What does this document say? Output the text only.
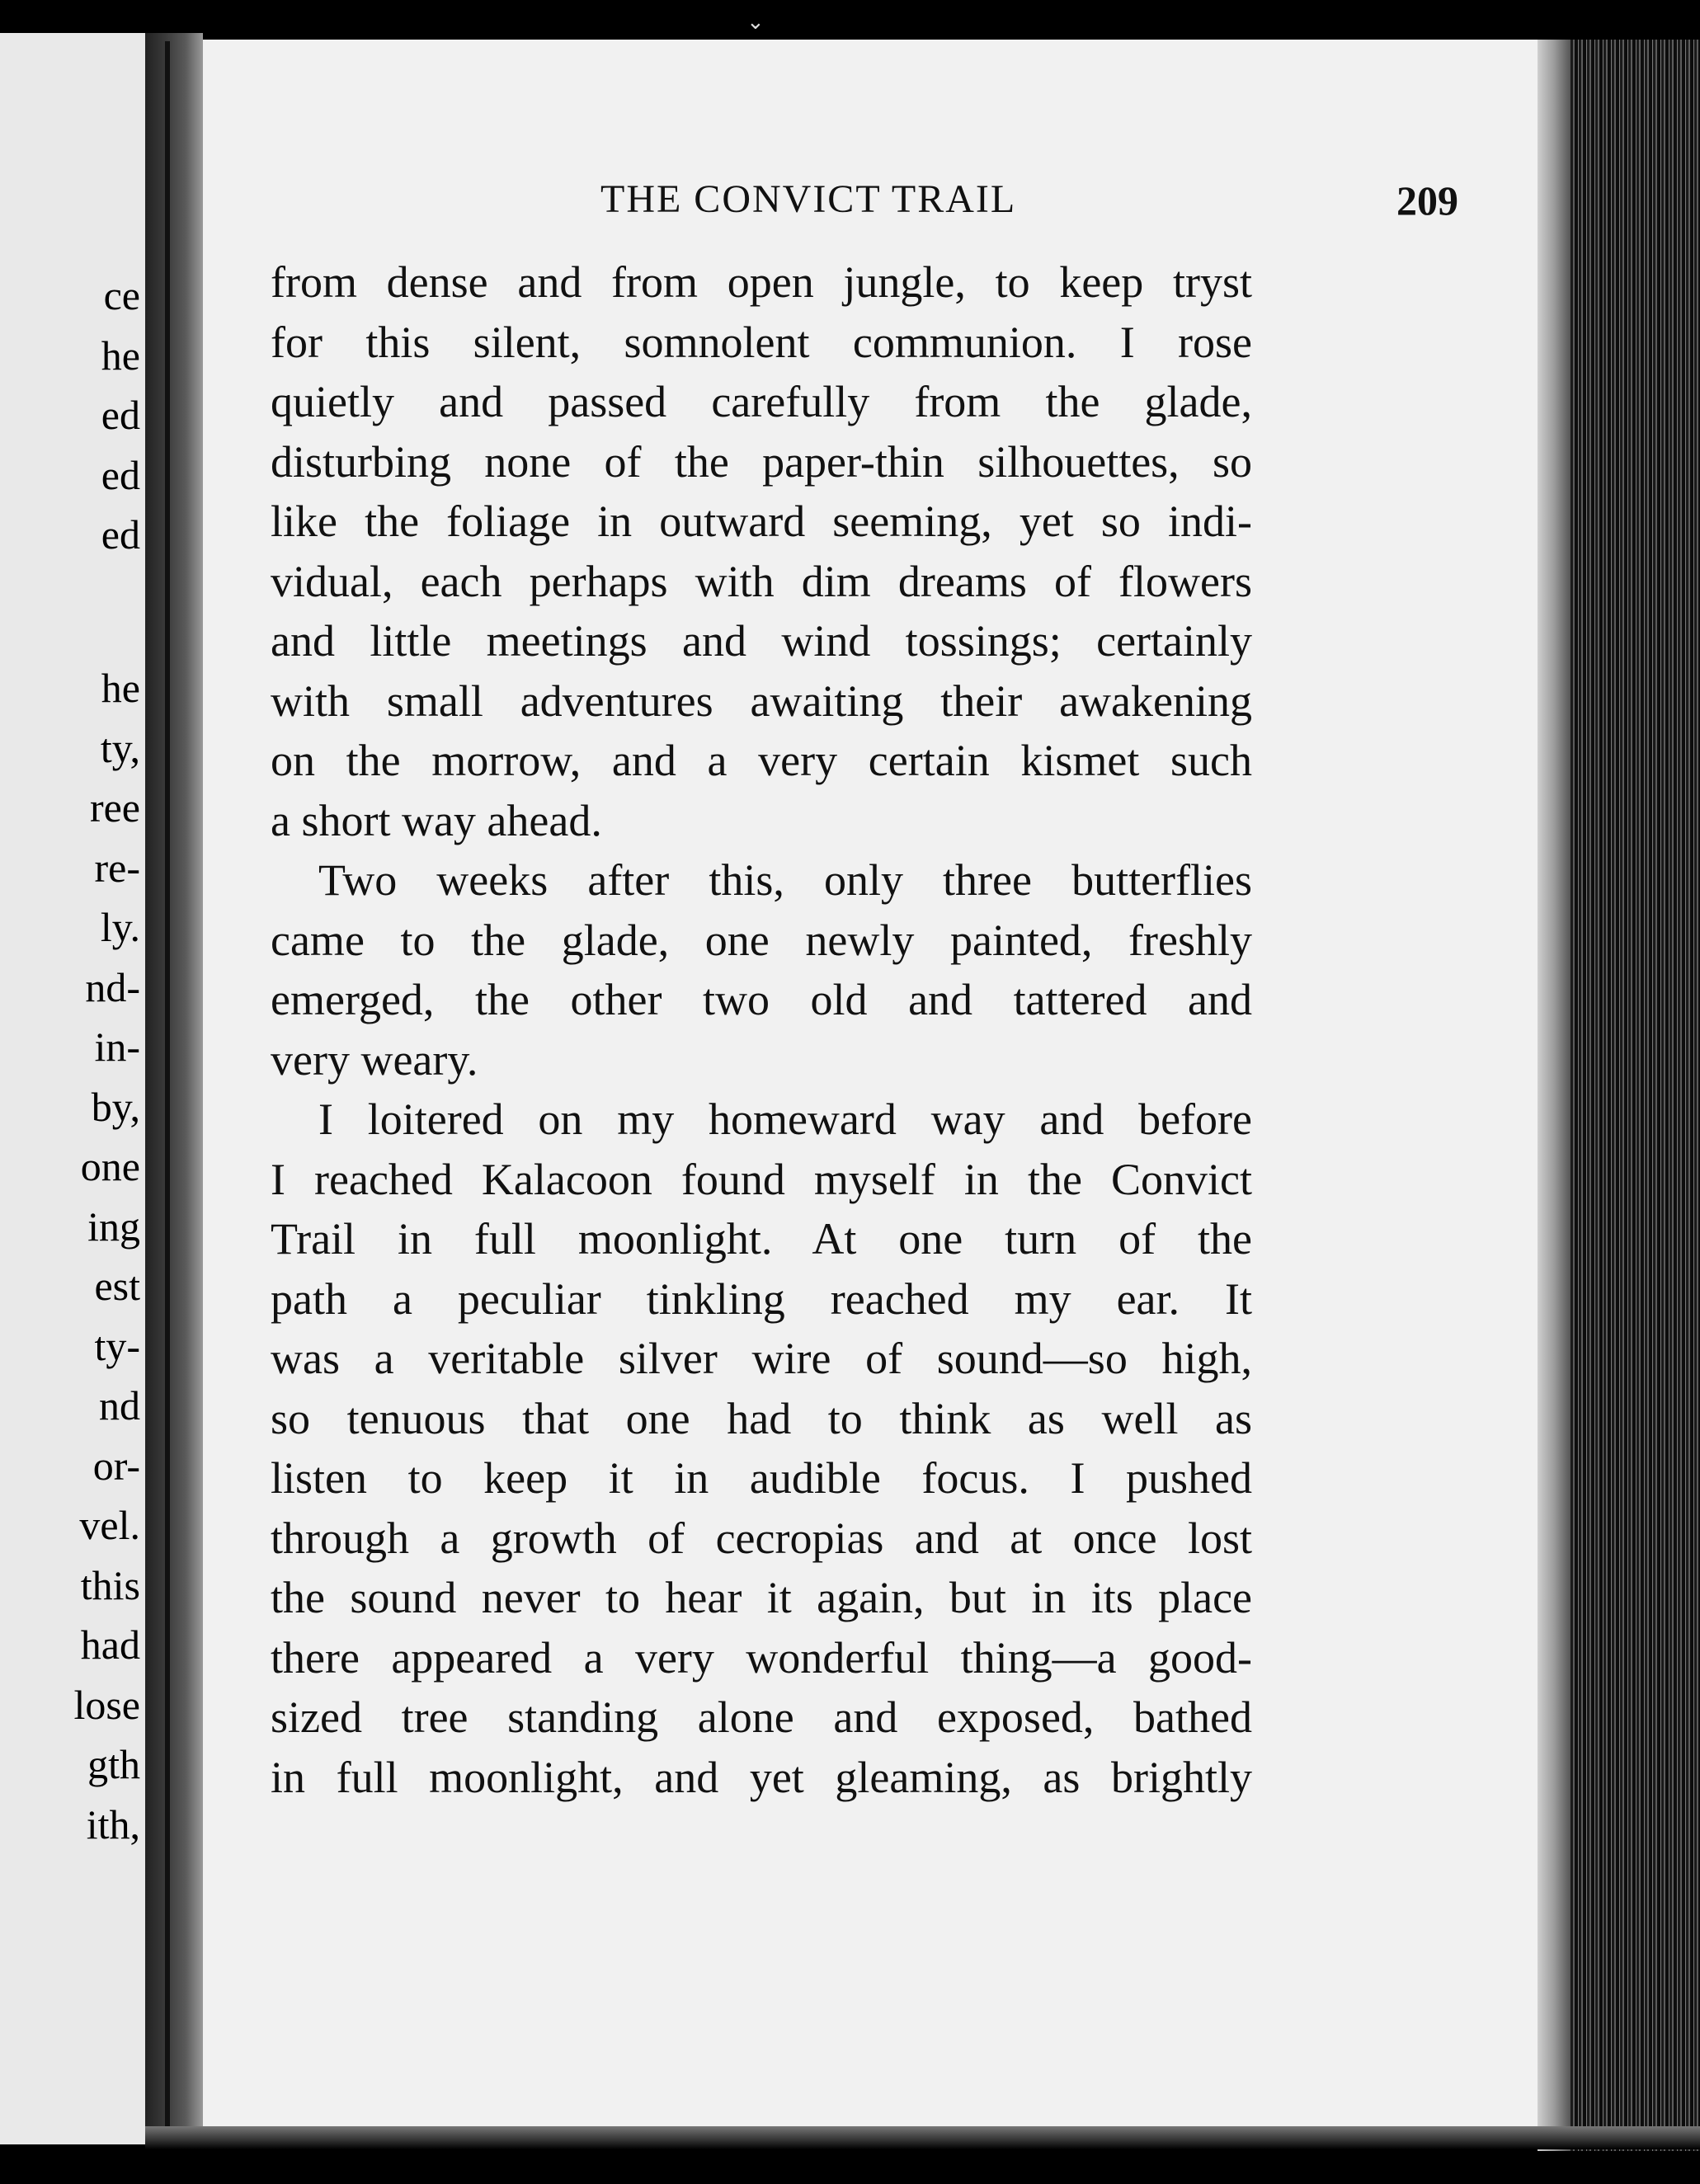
⌄
ce
he
ed
ed
ed
he
ty,
ree
re-
ly.
nd-
in-
by,
one
ing
est
ty-
nd
or-
vel.
this
had
lose
gth
ith,
THE CONVICT TRAIL	209
from dense and from open jungle, to keep tryst
for this silent, somnolent communion. I rose
quietly and passed carefully from the glade,
disturbing none of the paper-thin silhouettes, so
like the foliage in outward seeming, yet so indi-
vidual, each perhaps with dim dreams of flowers
and little meetings and wind tossings; certainly
with small adventures awaiting their awakening
on the morrow, and a very certain kismet such
a short way ahead.
Two weeks after this, only three butterflies
came to the glade, one newly painted, freshly
emerged, the other two old and tattered and
very weary.
I loitered on my homeward way and before
I reached Kalacoon found myself in the Convict
Trail in full moonlight. At one turn of the
path a peculiar tinkling reached my ear. It
was a veritable silver wire of sound—so high,
so tenuous that one had to think as well as
listen to keep it in audible focus. I pushed
through a growth of cecropias and at once lost
the sound never to hear it again, but in its place
there appeared a very wonderful thing—a good-
sized tree standing alone and exposed, bathed
in full moonlight, and yet gleaming, as brightly
